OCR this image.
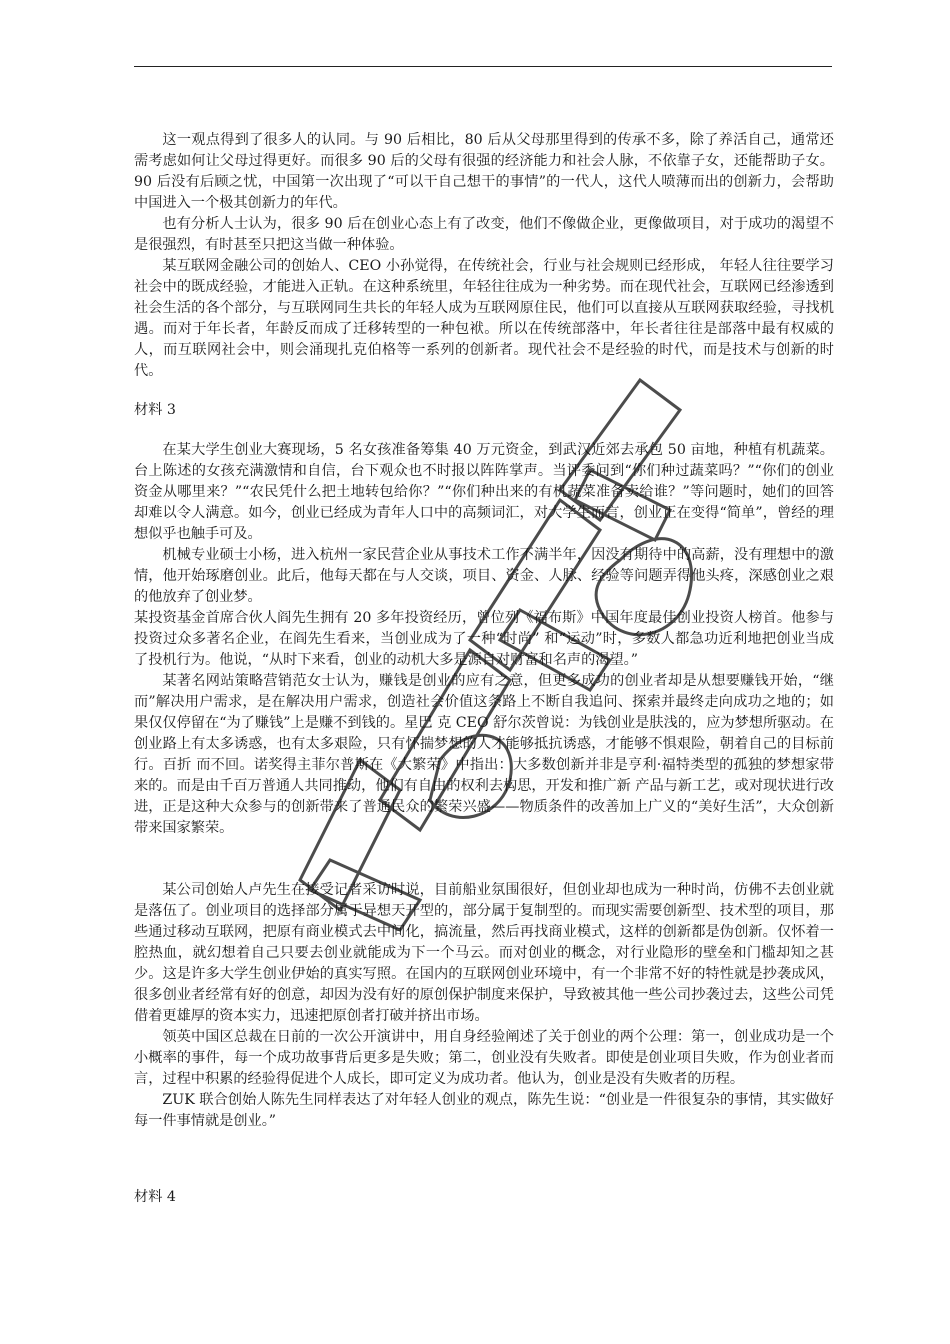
这一观点得到了很多人的认同。与 90 后相比，80 后从父母那里得到的传承不多，除了养活自己，通常还需考虑如何让父母过得更好。而很多 90 后的父母有很强的经济能力和社会人脉，不依靠子女，还能帮助子女。90 后没有后顾之忧，中国第一次出现了“可以干自己想干的事情”的一代人，这代人喷薄而出的创新力，会帮助中国进入一个极其创新力的年代。

也有分析人士认为，很多 90 后在创业心态上有了改变，他们不像做企业，更像做项目，对于成功的渴望不是很强烈，有时甚至只把这当做一种体验。

某互联网金融公司的创始人、CEO 小孙觉得，在传统社会，行业与社会规则已经形成， 年轻人往往要学习社会中的既成经验，才能进入正轨。在这种系统里，年轻往往成为一种劣势。而在现代社会，互联网已经渗透到社会生活的各个部分，与互联网同生共长的年轻人成为互联网原住民，他们可以直接从互联网获取经验，寻找机遇。而对于年长者，年龄反而成了迁移转型的一种包袱。所以在传统部落中，年长者往往是部落中最有权威的人，而互联网社会中，则会涌现扎克伯格等一系列的创新者。现代社会不是经验的时代，而是技术与创新的时代。

材料 3

在某大学生创业大赛现场，5 名女孩准备筹集 40 万元资金，到武汉近郊去承包 50 亩地，种植有机蔬菜。台上陈述的女孩充满激情和自信，台下观众也不时报以阵阵掌声。当评委问到“你们种过蔬菜吗？”“你们的创业资金从哪里来？”“农民凭什么把土地转包给你？”“你们种出来的有机蔬菜准备卖给谁？”等问题时，她们的回答却难以令人满意。如今，创业已经成为青年人口中的高频词汇，对大学生而言，创业正在变得“简单”，曾经的理想似乎也触手可及。

机械专业硕士小杨，进入杭州一家民营企业从事技术工作不满半年，因没有期待中的高薪，没有理想中的激情，他开始琢磨创业。此后，他每天都在与人交谈，项目、资金、人脉、经验等问题弄得他头疼，深感创业之艰的他放弃了创业梦。

某投资基金首席合伙人阎先生拥有 20 多年投资经历，曾位列《福布斯》中国年度最佳创业投资人榜首。他参与投资过众多著名企业，在阎先生看来，当创业成为了一种“时尚” 和“运动”时，多数人都急功近利地把创业当成了投机行为。他说，“从时下来看，创业的动机大多是源自对财富和名声的渴望。”

某著名网站策略营销范女士认为，赚钱是创业的应有之意，但更多成功的创业者却是从想要赚钱开始，“继而”解决用户需求，是在解决用户需求，创造社会价值这条路上不断自我追问、探索并最终走向成功之地的；如果仅仅停留在“为了赚钱”上是赚不到钱的。星巴 克 CEO 舒尔茨曾说：为钱创业是肤浅的，应为梦想所驱动。在创业路上有太多诱惑，也有太多艰险，只有怀揣梦想的人才能够抵抗诱惑，才能够不惧艰险，朝着自己的目标前行。百折 而不回。诺奖得主菲尔普斯在《大繁荣》中指出：大多数创新并非是亨利·福特类型的孤独的梦想家带来的。而是由千百万普通人共同推动，他们有自由的权利去构思，开发和推广新 产品与新工艺，或对现状进行改进，正是这种大众参与的创新带来了普通民众的繁荣兴盛——物质条件的改善加上广义的“美好生活”，大众创新带来国家繁荣。

某公司创始人卢先生在接受记者采访时说，目前船业氛围很好，但创业却也成为一种时尚，仿佛不去创业就是落伍了。创业项目的选择部分属于异想天开型的，部分属于复制型的。而现实需要创新型、技术型的项目，那些通过移动互联网，把原有商业模式去中间化，搞流量，然后再找商业模式，这样的创新都是伪创新。仅怀着一腔热血，就幻想着自己只要去创业就能成为下一个马云。而对创业的概念，对行业隐形的壁垒和门槛却知之甚少。这是许多大学生创业伊始的真实写照。在国内的互联网创业环境中，有一个非常不好的特性就是抄袭成风，很多创业者经常有好的创意，却因为没有好的原创保护制度来保护，导致被其他一些公司抄袭过去，这些公司凭借着更雄厚的资本实力，迅速把原创者打破并挤出市场。

领英中国区总裁在日前的一次公开演讲中，用自身经验阐述了关于创业的两个公理：第一，创业成功是一个小概率的事件，每一个成功故事背后更多是失败；第二，创业没有失败者。即使是创业项目失败，作为创业者而言，过程中积累的经验得促进个人成长，即可定义为成功者。他认为，创业是没有失败者的历程。

ZUK 联合创始人陈先生同样表达了对年轻人创业的观点，陈先生说：“创业是一件很复杂的事情，其实做好每一件事情就是创业。”

材料 4
